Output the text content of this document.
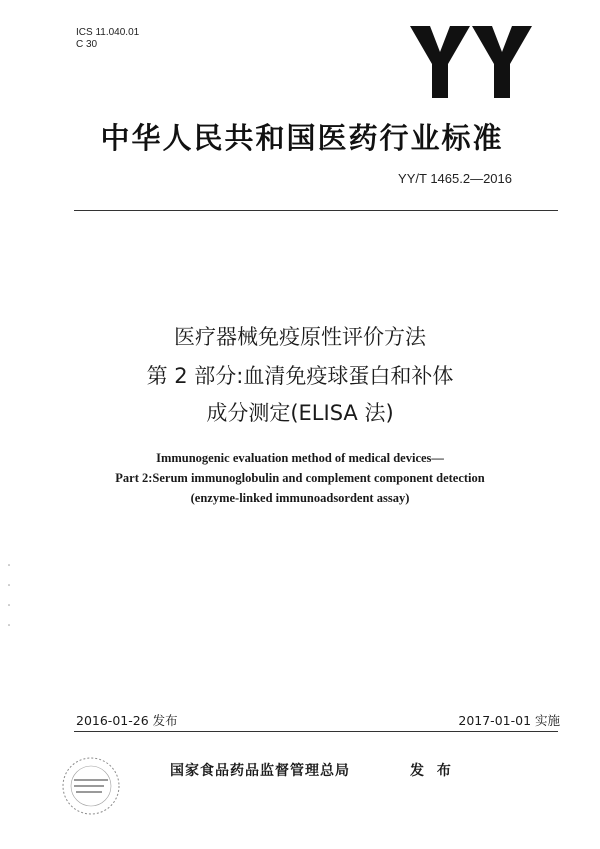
ICS 11.040.01
C 30
中华人民共和国医药行业标准
YY/T 1465.2—2016
医疗器械免疫原性评价方法
第 2 部分:血清免疫球蛋白和补体
成分测定(ELISA 法)
Immunogenic evaluation method of medical devices—
Part 2:Serum immunoglobulin and complement component detection
(enzyme-linked immunoadsordent assay)
2016-01-26 发布	2017-01-01 实施
国家食品药品监督管理总局	发 布
